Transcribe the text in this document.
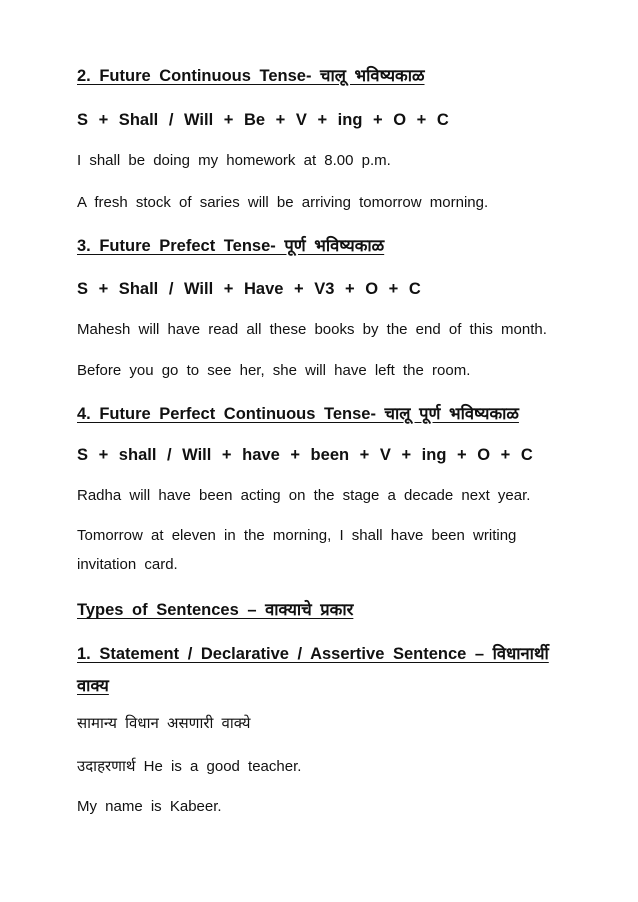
2. Future Continuous Tense- चालू भविष्यकाळ
S + Shall / Will + Be + V + ing + O + C
I shall be doing my homework at 8.00 p.m.
A fresh stock of saries will be arriving tomorrow morning.
3. Future Prefect Tense- पूर्ण भविष्यकाळ
S + Shall / Will + Have + V3 + O + C
Mahesh will have read all these books by the end of this month.
Before you go to see her, she will have left the room.
4. Future Perfect Continuous Tense- चालू पूर्ण भविष्यकाळ
S + shall / Will + have + been + V + ing + O + C
Radha will have been acting on the stage a decade next year.
Tomorrow at eleven in the morning, I shall have been writing
invitation card.
Types of Sentences – वाक्याचे प्रकार
1. Statement / Declarative / Assertive Sentence – विधानार्थी
वाक्य
सामान्य विधान असणारी वाक्ये
उदाहरणार्थ He is a good teacher.
My name is Kabeer.
